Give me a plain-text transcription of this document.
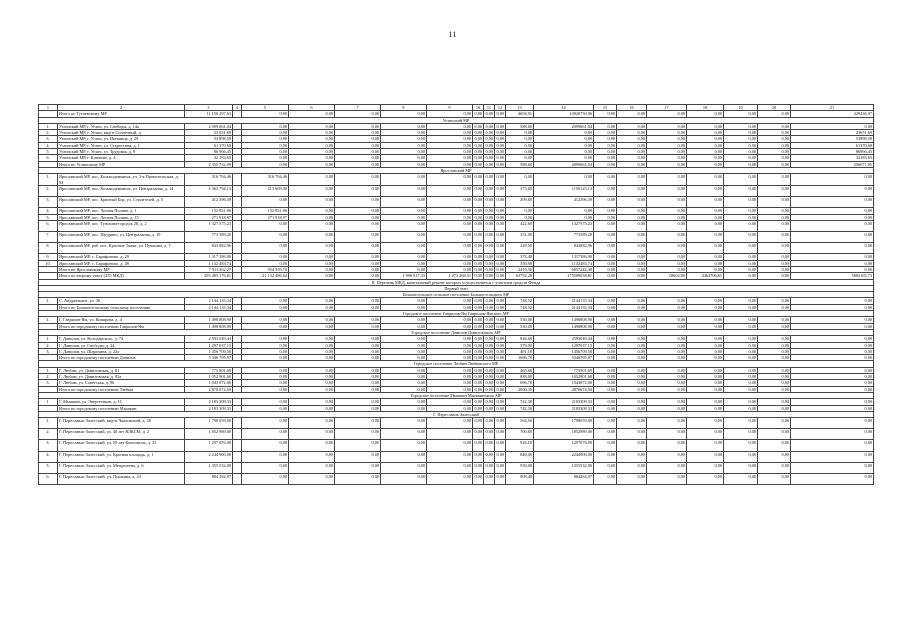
11
1	2	3	4	5	6	7	8	9	10	11	12	13	14	15	16	17	18	19	20	21
	Итого по Тутаевскому МР	11 150 297,63		0,00	0,00	0,00	0,00	0,00	0,00	0,00	0,00	4694,91	10920750,96	0,00	0,00	0,00	0,00	0,00	0,00	229436,97
Угличский МР																				
1.	Угличский МР, г. Углич, ул. Свободы, д. 14а	2 099 661,04		0,00	0,00	0,00	0,00	0,00	0,00	0,00	0,00	588,60	2099661,04	0,00	0,00	0,00	0,00	0,00	0,00	0,00
2.	Угличский МР, г. Углич, мкр-н Солнечный, д.	23 651,69		0,00	0,00	0,00	0,00	0,00	0,00	0,00	0,00	0,00	0,00	0,00	0,00	0,00	0,00	0,00	0,00	23651,69
3.	Угличский МР, г. Углич, ул. Ноговица, д. 29	53 898,58		0,00	0,00	0,00	0,00	0,00	0,00	0,00	0,00	0,00	0,00	0,00	0,00	0,00	0,00	0,00	0,00	53898,58
4.	Угличский МР, г. Углич, ул. Старостина, д. 1	61 370,68		0,00	0,00	0,00	0,00	0,00	0,00	0,00	0,00	0,00	0,00	0,00	0,00	0,00	0,00	0,00	0,00	61370,68
5.	Угличский МР, г. Углич, ул. Трудовая, д. 9	86 966,45		0,00	0,00	0,00	0,00	0,00	0,00	0,00	0,00	0,00	0,00	0,00	0,00	0,00	0,00	0,00	0,00	86966,45
6.	Угличский МР, г. Клюкове, д. 4	32 183,65		0,00	0,00	0,00	0,00	0,00	0,00	0,00	0,00	0,00	0,00	0,00	0,00	0,00	0,00	0,00	0,00	32183,65
	Итого по Угличскому МР	2 355 732,09		0,00	0,00	0,00	0,00	0,00	0,00	0,00	0,00	588,60	2099661,04	0,00	0,00	0,00	0,00	0,00	0,00	256071,05
Ярославский МР																				
1.	Ярославский МР, пос. Козьмодемьянск, ул. 3-я Промозельская, д. 92	316 794,46		316 794,46	0,00	0,00	0,00	0,00	0,00	0,00	0,00	0,00	0,00	0,00	0,00	0,00	0,00	0,00	0,00	0,00
2.	Ярославский МР, пос. Козьмодемьянск, ул. Центральная, д. 14	1 363 794,13		213 669,30	0,00	0,00	0,00	0,00	0,00	0,00	0,00	375,60	1150125,13	0,00	0,00	0,00	0,00	0,00	0,00	0,00
3.	Ярославский МР, пос. Красный Бор, ул. Строителей, д. 5	412 396,39		0,00	0,00	0,00	0,00	0,00	0,00	0,00	0,00	299,60	412396,39	0,00	0,00	0,00	0,00	0,00	0,00	0,00
4.	Ярославский МР, пос. Лесная Поляна, д. 1	152 831,96		152 831,96	0,00	0,00	0,00	0,00	0,00	0,00	0,00	0,00	0,00	0,00	0,00	0,00	0,00	0,00	0,00	0,00
5.	Ярославский МР, пос. Лесная Поляна, д. 15	271 918,97		271 918,97	0,00	0,00	0,00	0,00	0,00	0,00	0,00	0,00	0,00	0,00	0,00	0,00	0,00	0,00	0,00	0,00
6.	Ярославский МР, пос. Туношна-городок 26, д. 2	1 327 575,23		0,00	0,00	0,00	0,00	0,00	0,00	0,00	0,00	422,60	1327575,23	0,00	0,00	0,00	0,00	0,00	0,00	0,00
7.	Ярославский МР, пос. Щедрино, ул. Центральная, д. 19	773 589,20		0,00	0,00	0,00	0,00	0,00	0,00	0,00	0,00	351,00	773589,20	0,00	0,00	0,00	0,00	0,00	0,00	0,00
8.	Ярославский МР, раб. пос. Красные Ткачи, ул. Пушкина, д. 7	843 882,96		0,00	0,00	0,00	0,00	0,00	0,00	0,00	0,00	249,50	843882,96	0,00	0,00	0,00	0,00	0,00	0,00	0,00
9.	Ярославский МР, с. Сарафоново, д. 29	1 317 386,90		0,00	0,00	0,00	0,00	0,00	0,00	0,00	0,00	378,40	1317386,90	0,00	0,00	0,00	0,00	0,00	0,00	0,00
10.	Ярославский МР, с. Сарафоново, д. 49	1 132 483,74		0,00	0,00	0,00	0,00	0,00	0,00	0,00	0,00	350,90	1132483,74	0,00	0,00	0,00	0,00	0,00	0,00	0,00
	Итого по Ярославскому МР	7 911 262,27		954 359,70	0,00	0,00	0,00	0,00	0,00	0,00	0,00	2419,30	6957242,48	0,00	0,00	0,00	0,00	0,00	0,00	0,00
	Итого по второму этапу (255 МКД)	295 485 176,81		21 132 486,62	0,00	0,00	1 996 917,33	1 271 268,51	0,00	0,00	0,00	63792,20	175589038,81	0,00	0,00	18604,00	4463706,61	0,00	0,00	5883165,73
II. Перечень МКД, капитальный ремонт которых осуществляется с участием средств Фонда																				
Первый этап																				
Большесельское сельское поселение Большесельского МР																				
1.	С. Андреевское, ул. 36	2 144 135,34		0,00	0,00	0,00	0,00	0,00	0,00	0,00	0,00	748,52	2144135,34	0,00	0,00	0,00	0,00	0,00	0,00	0,00
	Итого по Большесельскому сельскому поселению	2 144 135,34		0,00	0,00	0,00	0,00	0,00	0,00	0,00	0,00	748,52	2144135,34	0,00	0,00	0,00	0,00	0,00	0,00	0,00
Городское поселение Гаврилов-Ям Гаврилов-Ямского МР																				
1.	Г. Гаврилов-Ям, ул. Комарова, д. 4	1 498 808,90		0,00	0,00	0,00	0,00	0,00	0,00	0,00	0,00	530,00	1498808,90	0,00	0,00	0,00	0,00	0,00	0,00	0,00
	Итого по городскому поселению Гаврилов-Ям	1 498 808,90		0,00	0,00	0,00	0,00	0,00	0,00	0,00	0,00	530,00	1498808,90	0,00	0,00	0,00	0,00	0,00	0,00	0,00
Городское поселение Данилов Даниловского МР																				
1.	Г. Данилов, ул. Володарского, д. 74	2 593 049,44		0,00	0,00	0,00	0,00	0,00	0,00	0,00	0,00	826,60	2593049,44	0,00	0,00	0,00	0,00	0,00	0,00	0,00
2.	Г. Данилов, ул. Свободы, д. 24	1 297 037,15		0,00	0,00	0,00	0,00	0,00	0,00	0,00	0,00	379,00	1297037,15	0,00	0,00	0,00	0,00	0,00	0,00	0,00
3.	Г. Данилов, ул. Шарохина, д. 22а	1 456 709,58		0,00	0,00	0,00	0,00	0,00	0,00	0,00	0,00	481,10	1456709,58	0,00	0,00	0,00	0,00	0,00	0,00	0,00
	Итого по городскому поселению Данилов	5 346 795,97		0,00	0,00	0,00	0,00	0,00	0,00	0,00	0,00	1686,70	5346795,97	0,00	0,00	0,00	0,00	0,00	0,00	0,00
Городское поселение Любим Любимского МР																				
1.	Г. Любим, ул. Даниловская, д. 81	775 901,69		0,00	0,00	0,00	0,00	0,00	0,00	0,00	0,00	465,60	775901,69	0,00	0,00	0,00	0,00	0,00	0,00	0,00
2.	Г. Любим, ул. Даниловская, д. 82а	1 052 901,60		0,00	0,00	0,00	0,00	0,00	0,00	0,00	0,00	838,00	1052901,60	0,00	0,00	0,00	0,00	0,00	0,00	0,00
3.	Г. Любим, ул. Советская, д. 96	1 043 872,00		0,00	0,00	0,00	0,00	0,00	0,00	0,00	0,00	696,70	1043872,00	0,00	0,00	0,00	0,00	0,00	0,00	0,00
	Итого по городскому поселению Любим	2 870 674,50		0,00	0,00	0,00	0,00	0,00	0,00	0,00	0,00	2000,30	2870674,50	0,00	0,00	0,00	0,00	0,00	0,00	0,00
Городское поселение Мышкин Мышкинского МР																				
1.	Г. Мышкин, ул. Энергетиков, д. 11	2 183 309,33		0,00	0,00	0,00	0,00	0,00	0,00	0,00	0,00	742,30	2183309,33	0,00	0,00	0,00	0,00	0,00	0,00	0,00
	Итого по городскому поселению Мышкин	2 183 309,33		0,00	0,00	0,00	0,00	0,00	0,00	0,00	0,00	742,30	2183309,33	0,00	0,00	0,00	0,00	0,00	0,00	0,00
Г. Переславль-Залесский																				
1.	Г. Переславль-Залесский, мкр-н Чкаловский, д. 26	1 798 059,00		0,00	0,00	0,00	0,00	0,00	0,00	0,00	0,00	564,50	1798059,00	0,00	0,00	0,00	0,00	0,00	0,00	0,00
2.	Г. Переславль-Залесский, ул. 40 лет ВЛКСМ, д. 2	1 852 989,00		0,00	0,00	0,00	0,00	0,00	0,00	0,00	0,00	700,60	1852989,00	0,00	0,00	0,00	0,00	0,00	0,00	0,00
3.	Г. Переславль-Залесский, ул. 50 лет Комсомола, д. 25	1 297 076,00		0,00	0,00	0,00	0,00	0,00	0,00	0,00	0,00	926,10	1297076,00	0,00	0,00	0,00	0,00	0,00	0,00	0,00
4.	Г. Переславль-Залесский, ул. Красная площадь, д. 1	2 244 900,00		0,00	0,00	0,00	0,00	0,00	0,00	0,00	0,00	840,00	2244900,00	0,00	0,00	0,00	0,00	0,00	0,00	0,00
5.	Г. Переславль-Залесский, ул. Менделеева, д. 6	1 355 532,00		0,00	0,00	0,00	0,00	0,00	0,00	0,00	0,00	930,00	1355532,00	0,00	0,00	0,00	0,00	0,00	0,00	0,00
6.	Г. Переславль-Залесский, ул. Пушкина, д. 23	884 284,97		0,00	0,00	0,00	0,00	0,00	0,00	0,00	0,00	908,40	884284,97	0,00	0,00	0,00	0,00	0,00	0,00	0,00
